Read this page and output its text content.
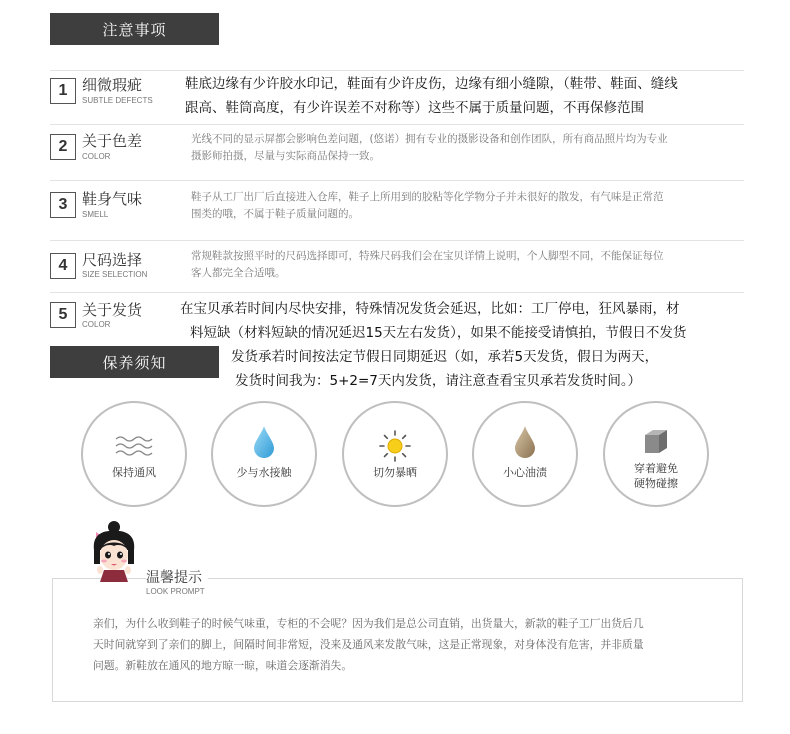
注意事项
1 细微瑕疵
SUBTLE DEFECTS
鞋底边缘有少许胶水印记，鞋面有少许皮伤，边缘有细小缝隙，（鞋带、鞋面、缝线
跟高、鞋筒高度，有少许误差不对称等）这些不属于质量问题，不再保修范围
2 关于色差
COLOR
光线不同的显示屏都会影响色差问题，(悠诺）拥有专业的摄影设备和创作团队，所有商品照片均为专业
摄影师拍摄，尽量与实际商品保持一致。
3 鞋身气味
SMELL
鞋子从工厂出厂后直接进入仓库，鞋子上所用到的胶粘等化学物分子并未很好的散发，有气味是正常范
围类的哦，不属于鞋子质量问题的。
4 尺码选择
SIZE SELECTION
常规鞋款按照平时的尺码选择即可，特殊尺码我们会在宝贝详情上说明，个人脚型不同，不能保证每位
客人都完全合适哦。
5 关于发货
COLOR
保养须知
在宝贝承若时间内尽快安排，特殊情况发货会延迟，比如：工厂停电，狂风暴雨，材
料短缺（材料短缺的情况延迟15天左右发货），如果不能接受请慎拍，节假日不发货
发货承若时间按法定节假日同期延迟（如，承若5天发货，假日为两天，
发货时间我为：5+2=7天内发货，请注意查看宝贝承若发货时间。）
保持通风	少与水接触	切勿暴晒	小心油渍	穿着避免
硬物碰擦
温馨提示
LOOK PROMPT
亲们，为什么收到鞋子的时候气味重，专柜的不会呢？因为我们是总公司直销，出货量大，新款的鞋子工厂出货后几
天时间就穿到了亲们的脚上，间隔时间非常短，没来及通风来发散气味，这是正常现象，对身体没有危害，并非质量
问题。新鞋放在通风的地方晾一晾，味道会逐渐消失。
